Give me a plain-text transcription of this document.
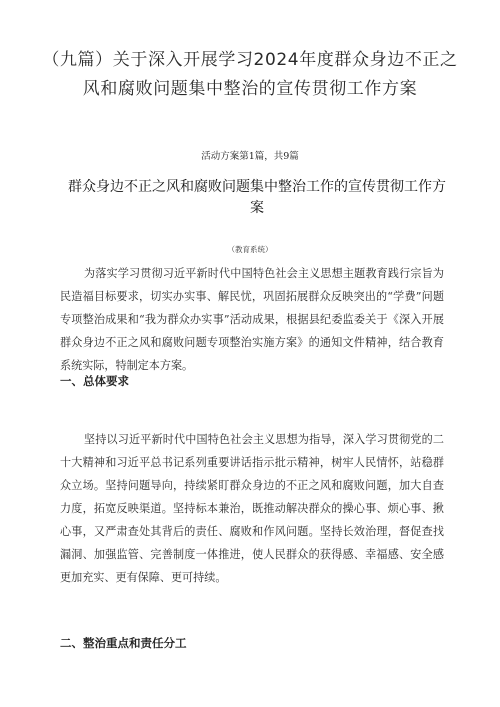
（九篇）关于深入开展学习2024年度群众身边不正之风和腐败问题集中整治的宣传贯彻工作方案

活动方案第1篇，共9篇

群众身边不正之风和腐败问题集中整治工作的宣传贯彻工作方案

（教育系统）

为落实学习贯彻习近平新时代中国特色社会主义思想主题教育践行宗旨为民造福目标要求，切实办实事、解民忧，巩固拓展群众反映突出的“学费”问题专项整治成果和“我为群众办实事”活动成果，根据县纪委监委关于《深入开展群众身边不正之风和腐败问题专项整治实施方案》的通知文件精神，结合教育系统实际，特制定本方案。

一、总体要求

坚持以习近平新时代中国特色社会主义思想为指导，深入学习贯彻党的二十大精神和习近平总书记系列重要讲话指示批示精神，树牢人民情怀，站稳群众立场。坚持问题导向，持续紧盯群众身边的不正之风和腐败问题，加大自查力度，拓宽反映渠道。坚持标本兼治，既推动解决群众的操心事、烦心事、揪心事，又严肃查处其背后的责任、腐败和作风问题。坚持长效治理，督促查找漏洞、加强监管、完善制度一体推进，使人民群众的获得感、幸福感、安全感更加充实、更有保障、更可持续。

二、整治重点和责任分工
